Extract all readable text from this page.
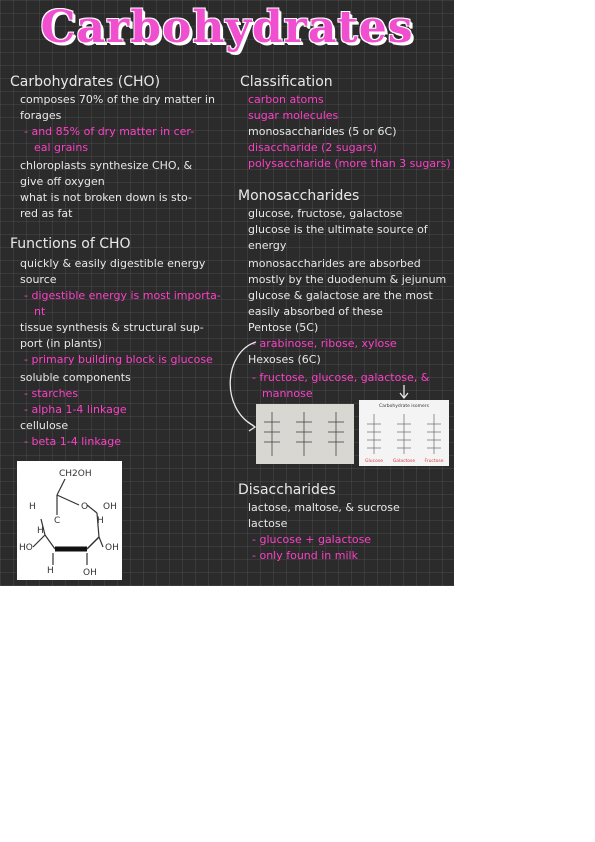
Carbohydrates
Carbohydrates (CHO)
composes 70% of the dry matter in
forages
- and 85% of dry matter in cer-
eal grains
chloroplasts synthesize CHO, &
give off oxygen
what is not broken down is sto-
red as fat
Functions of CHO
quickly & easily digestible energy
source
- digestible energy is most importa-
nt
tissue synthesis & structural sup-
port (in plants)
- primary building block is glucose
soluble components
- starches
- alpha 1-4 linkage
cellulose
- beta 1-4 linkage
CH2OH
H	O OH
C	H
H
HO	OH
H	OH
Classification
carbon atoms
sugar molecules
monosaccharides (5 or 6C)
disaccharide (2 sugars)
polysaccharide (more than 3 sugars)
Monosaccharides
glucose, fructose, galactose
glucose is the ultimate source of
energy
monosaccharides are absorbed
mostly by the duodenum & jejunum
glucose & galactose are the most
easily absorbed of these
Pentose (5C)
- arabinose, ribose, xylose
Hexoses (6C)
- fructose, glucose, galactose, &
mannose
Carbohydrate isomers
Glucose Galactose Fructose
Disaccharides
lactose, maltose, & sucrose
lactose
- glucose + galactose
- only found in milk
